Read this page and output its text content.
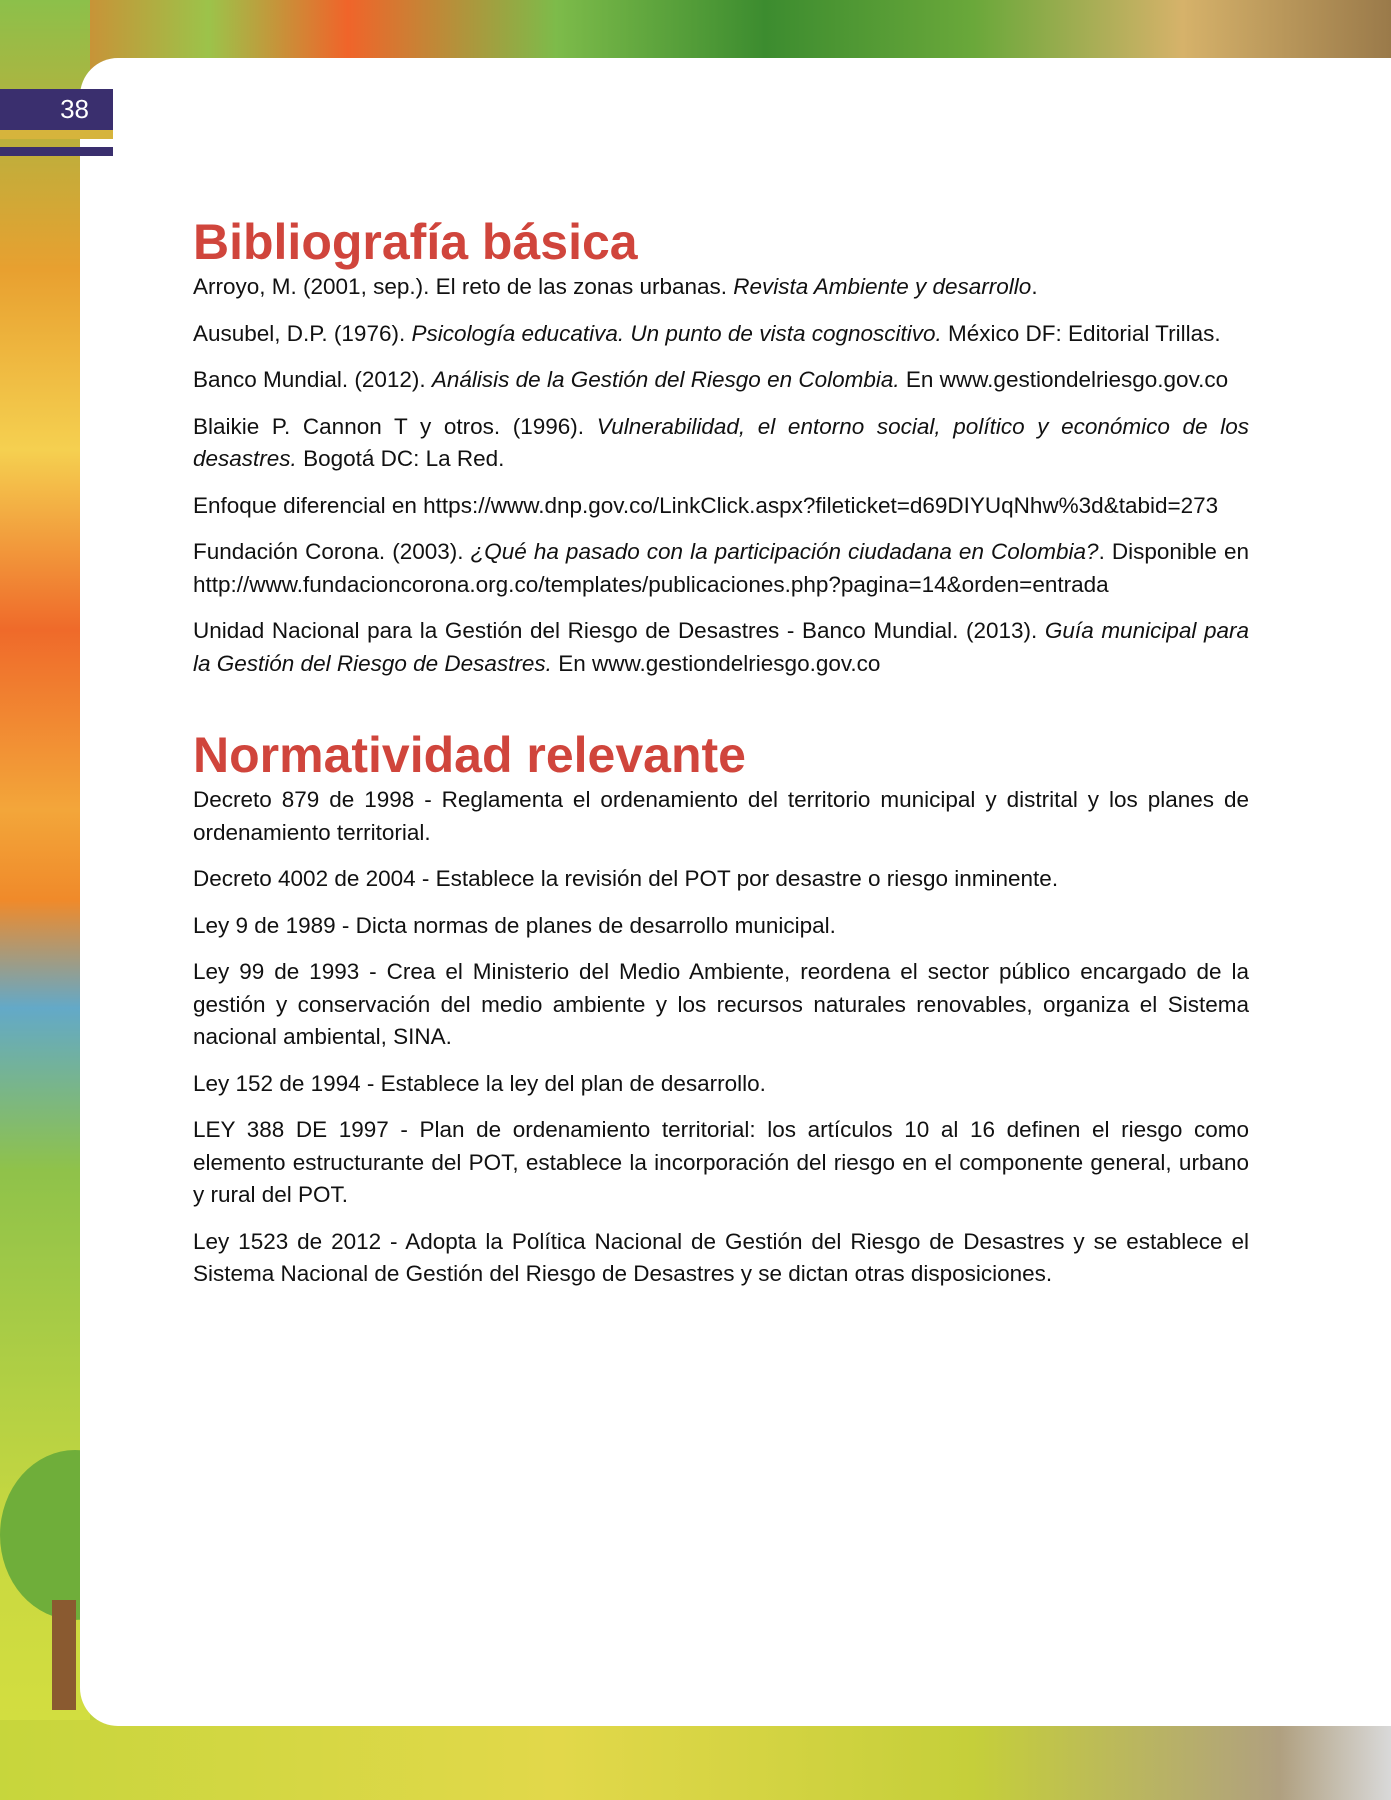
38
Bibliografía básica

Arroyo, M. (2001, sep.). El reto de las zonas urbanas. Revista Ambiente y desarrollo.

Ausubel, D.P. (1976). Psicología educativa. Un punto de vista cognoscitivo. México DF: Editorial Trillas.

Banco Mundial. (2012). Análisis de la Gestión del Riesgo en Colombia. En www.gestiondelriesgo.gov.co

Blaikie P. Cannon T y otros. (1996). Vulnerabilidad, el entorno social, político y económico de los desastres. Bogotá DC: La Red.

Enfoque diferencial en https://www.dnp.gov.co/LinkClick.aspx?fileticket=d69DIYUqNhw%3d&tabid=273

Fundación Corona. (2003). ¿Qué ha pasado con la participación ciudadana en Colombia?. Disponible en http://www.fundacioncorona.org.co/templates/publicaciones.php?pagina=14&orden=entrada

Unidad Nacional para la Gestión del Riesgo de Desastres - Banco Mundial. (2013). Guía municipal para la Gestión del Riesgo de Desastres. En www.gestiondelriesgo.gov.co

Normatividad relevante

Decreto 879 de 1998 - Reglamenta el ordenamiento del territorio municipal y distrital y los planes de ordenamiento territorial.

Decreto 4002 de 2004 - Establece la revisión del POT por desastre o riesgo inminente.

Ley 9 de 1989 - Dicta normas de planes de desarrollo municipal.

Ley 99 de 1993 - Crea el Ministerio del Medio Ambiente, reordena el sector público encargado de la gestión y conservación del medio ambiente y los recursos naturales renovables, organiza el Sistema nacional ambiental, SINA.

Ley 152 de 1994 - Establece la ley del plan de desarrollo.

LEY 388 DE 1997 - Plan de ordenamiento territorial: los artículos 10 al 16 definen el riesgo como elemento estructurante del POT, establece la incorporación del riesgo en el componente general, urbano y rural del POT.

Ley 1523 de 2012 - Adopta la Política Nacional de Gestión del Riesgo de Desastres y se establece el Sistema Nacional de Gestión del Riesgo de Desastres y se dictan otras disposiciones.
